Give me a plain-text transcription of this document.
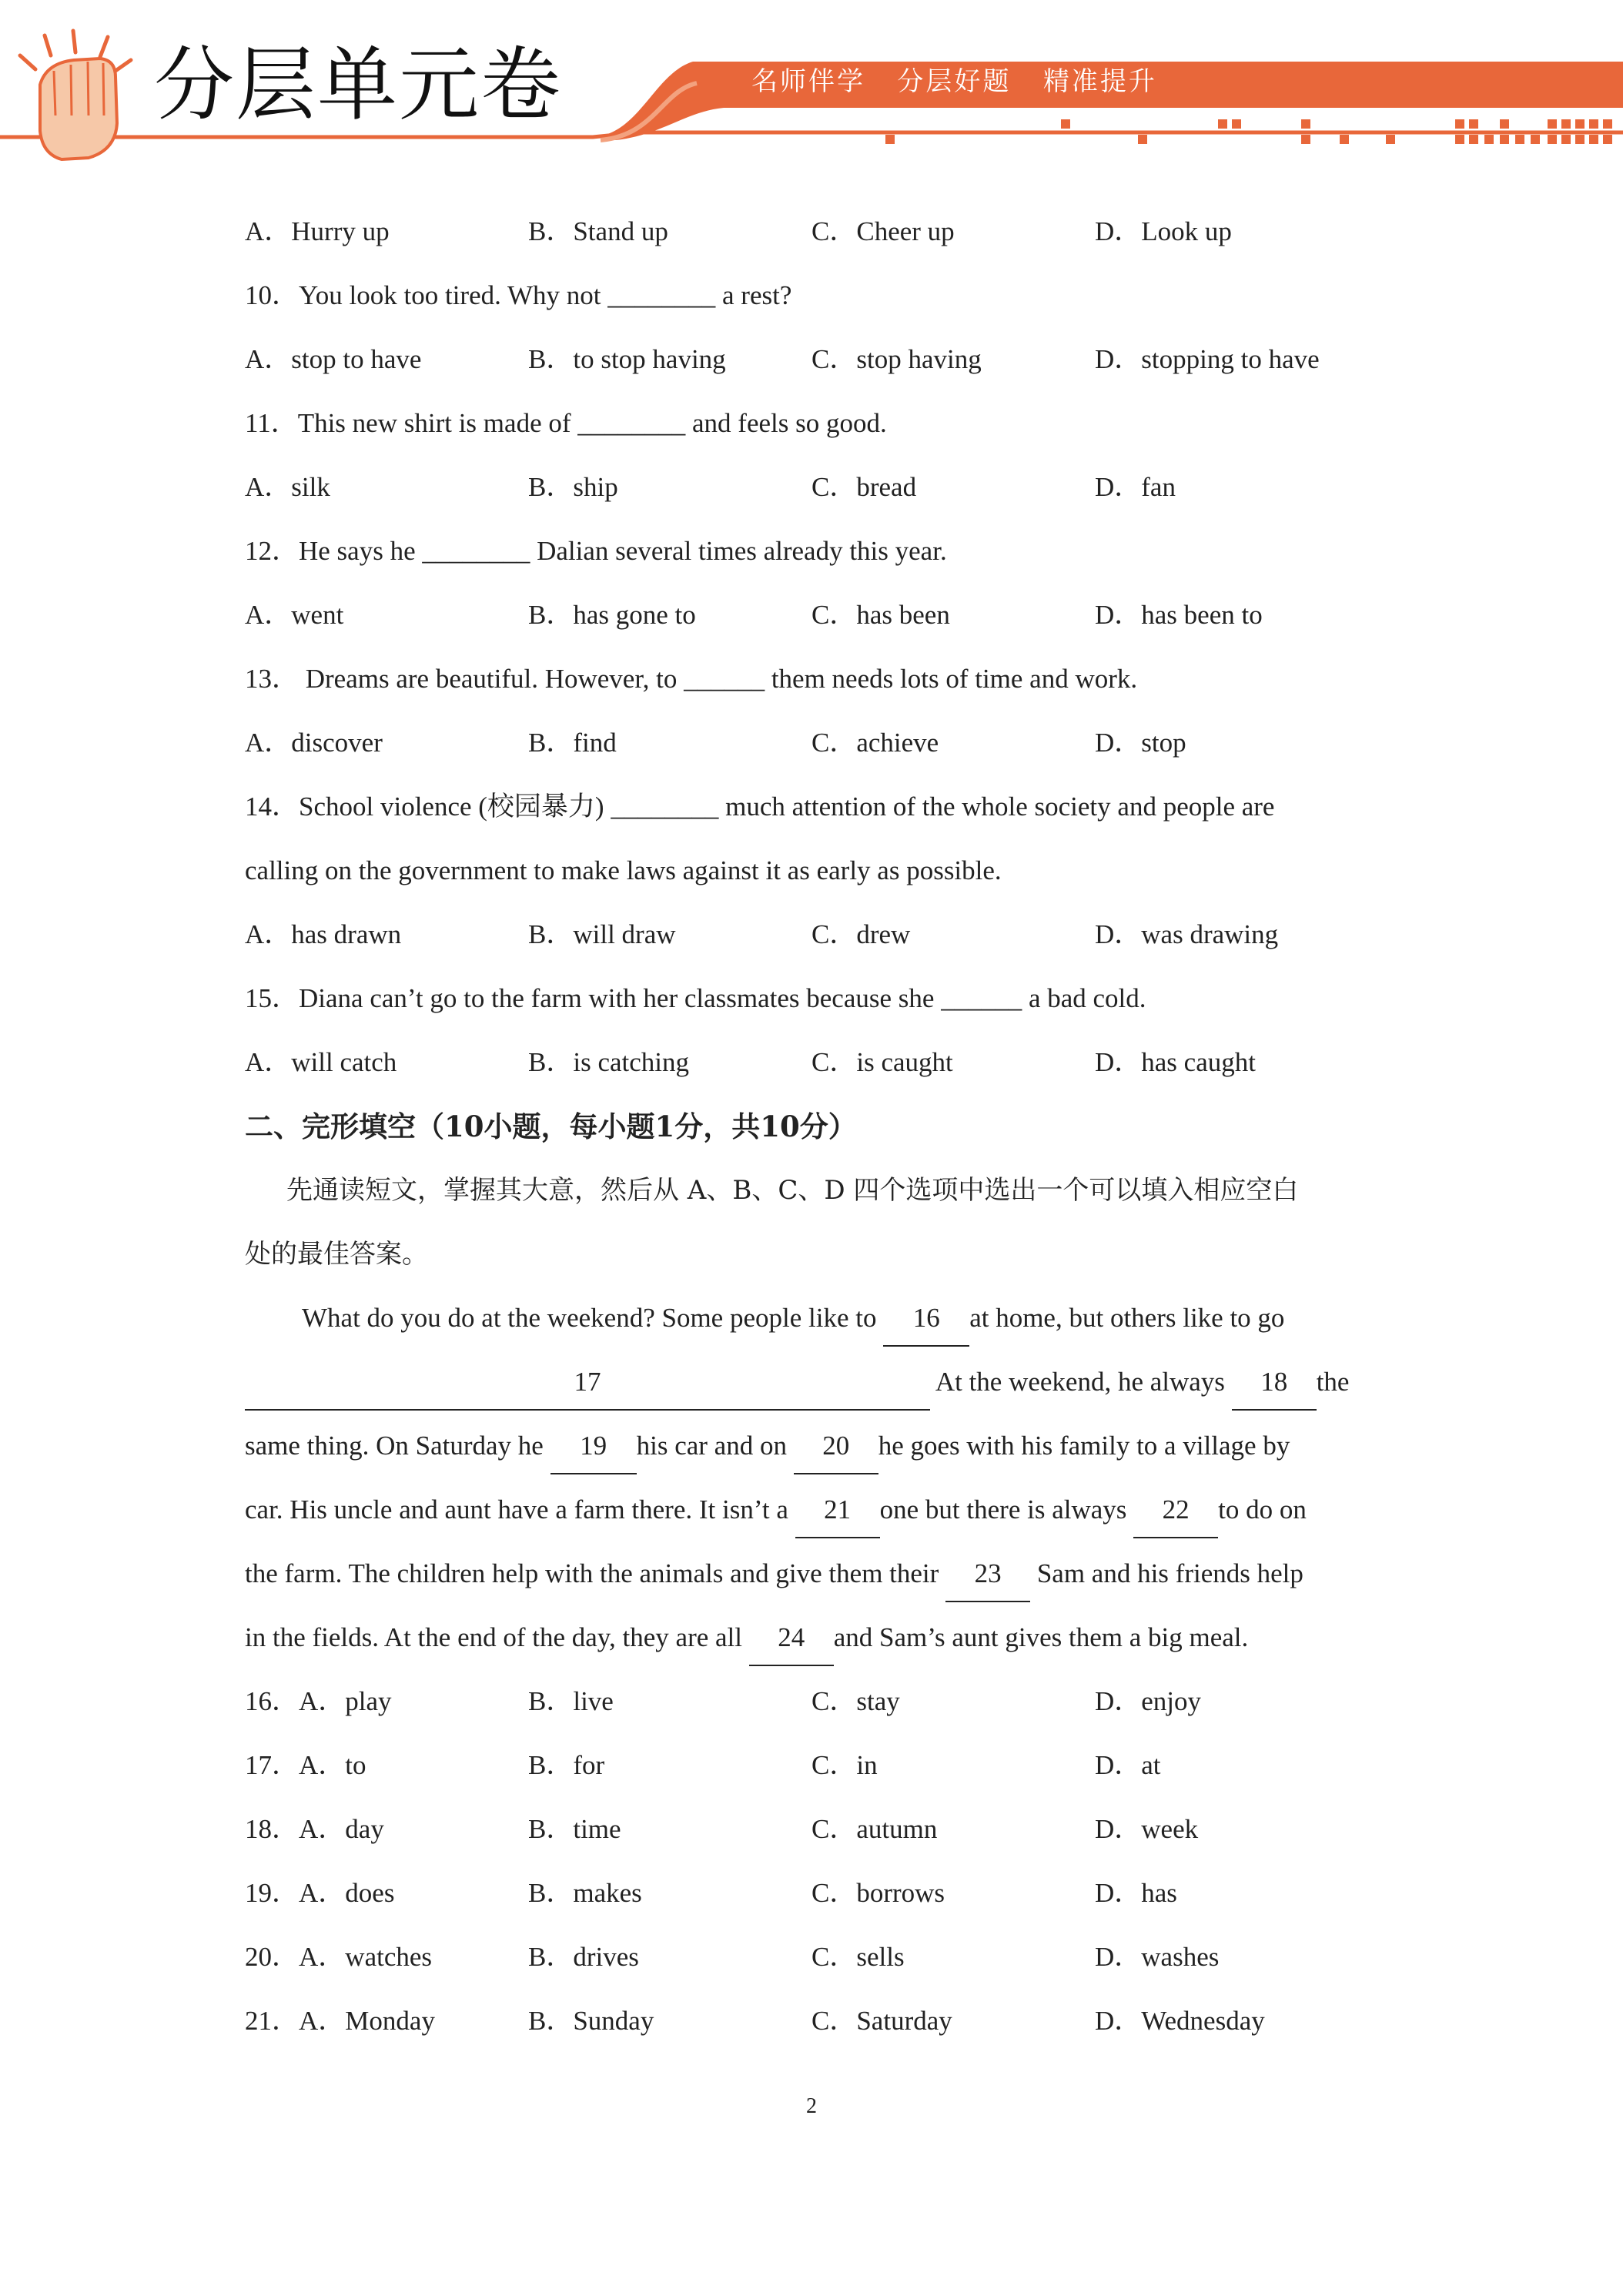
分层单元卷	名师伴学   分层好题   精准提升
A．Hurry up	B．Stand up	C．Cheer up	D．Look up
10．You look too tired. Why not ________ a rest?
A．stop to have	B．to stop having	C．stop having	D．stopping to have
11．This new shirt is made of ________ and feels so good.
A．silk	B．ship	C．bread	D．fan
12．He says he ________ Dalian several times already this year.
A．went	B．has gone to	C．has been	D．has been to
13． Dreams are beautiful. However, to ______ them needs lots of time and work.
A．discover	B．find	C．achieve	D．stop
14．School violence (校园暴力) ________ much attention of the whole society and people are
calling on the government to make laws against it as early as possible.
A．has drawn	B．will draw	C．drew	D．was drawing
15．Diana can’t go to the farm with her classmates because she ______ a bad cold.
A．will catch	B．is catching	C．is caught	D．has caught
二、完形填空（10小题，每小题1分，共10分）
先通读短文，掌握其大意，然后从 A、B、C、D 四个选项中选出一个可以填入相应空白
处的最佳答案。
What do you do at the weekend? Some people like to 16 at home, but others like to go
17	At the weekend, he always 18 the
same thing. On Saturday he 19 his car and on 20 he goes with his family to a village by
car. His uncle and aunt have a farm there. It isn’t a 21 one but there is always 22 to do on
the farm. The children help with the animals and give them their 23 Sam and his friends help
in the fields. At the end of the day, they are all 24 and Sam’s aunt gives them a big meal.
16．A．play	B．live	C．stay	D．enjoy
17．A．to	B．for	C．in	D．at
18．A．day	B．time	C．autumn	D．week
19．A．does	B．makes	C．borrows	D．has
20．A．watches	B．drives	C．sells	D．washes
21．A．Monday	B．Sunday	C．Saturday	D．Wednesday
2
